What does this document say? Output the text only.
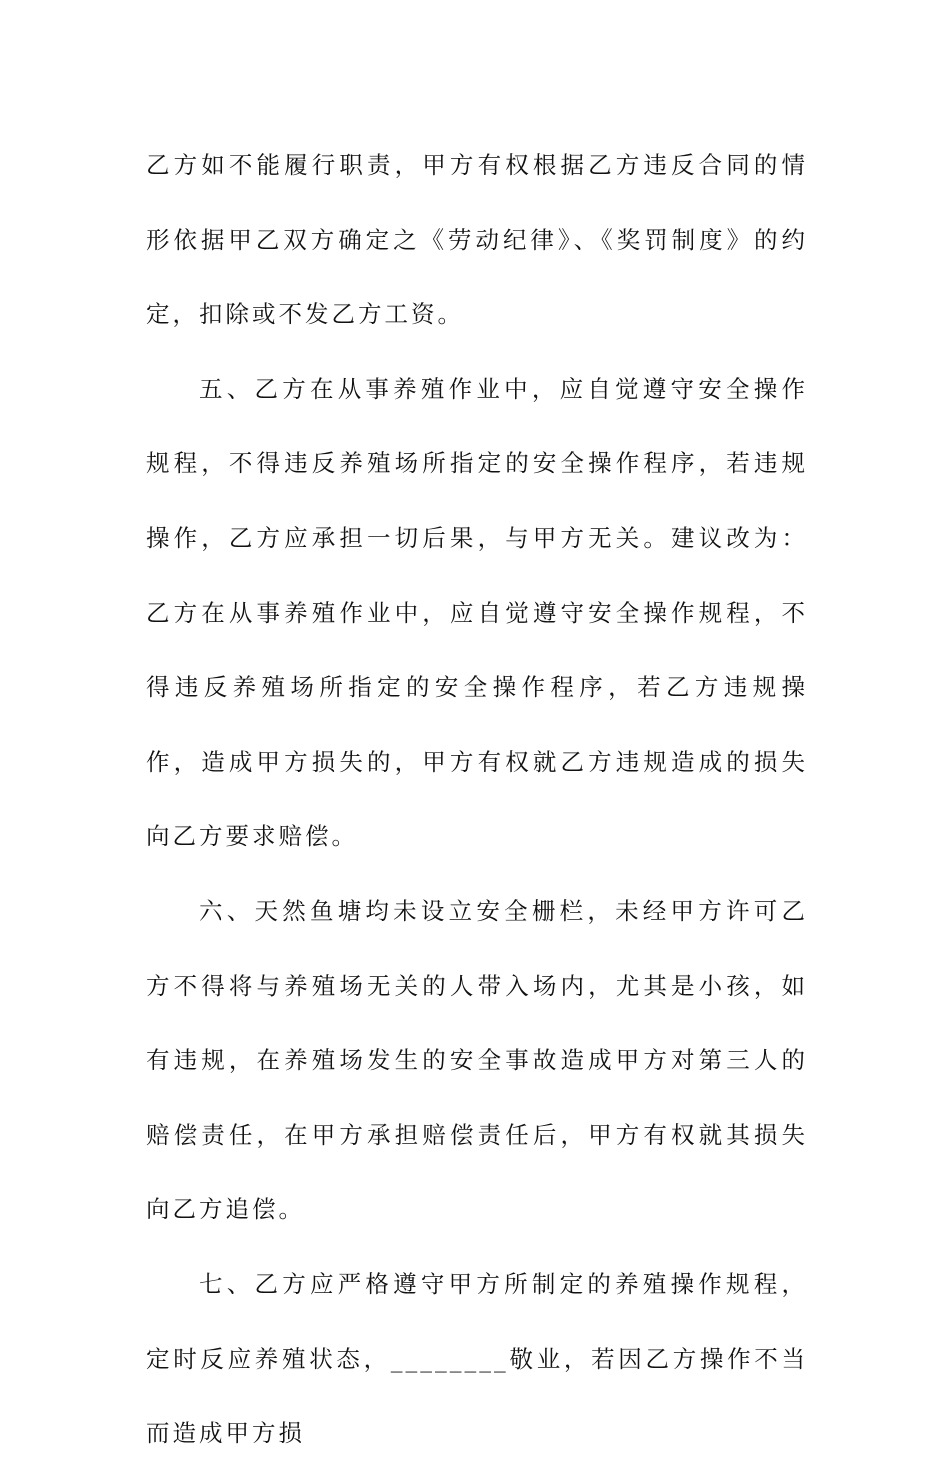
乙方如不能履行职责，甲方有权根据乙方违反合同的情形依据甲乙双方确定之《劳动纪律》、《奖罚制度》的约定，扣除或不发乙方工资。

五、乙方在从事养殖作业中，应自觉遵守安全操作规程，不得违反养殖场所指定的安全操作程序，若违规操作，乙方应承担一切后果，与甲方无关。建议改为：乙方在从事养殖作业中，应自觉遵守安全操作规程，不得违反养殖场所指定的安全操作程序，若乙方违规操作，造成甲方损失的，甲方有权就乙方违规造成的损失向乙方要求赔偿。

六、天然鱼塘均未设立安全栅栏，未经甲方许可乙方不得将与养殖场无关的人带入场内，尤其是小孩，如有违规，在养殖场发生的安全事故造成甲方对第三人的赔偿责任，在甲方承担赔偿责任后，甲方有权就其损失向乙方追偿。

七、乙方应严格遵守甲方所制定的养殖操作规程，定时反应养殖状态，________敬业，若因乙方操作不当而造成甲方损
